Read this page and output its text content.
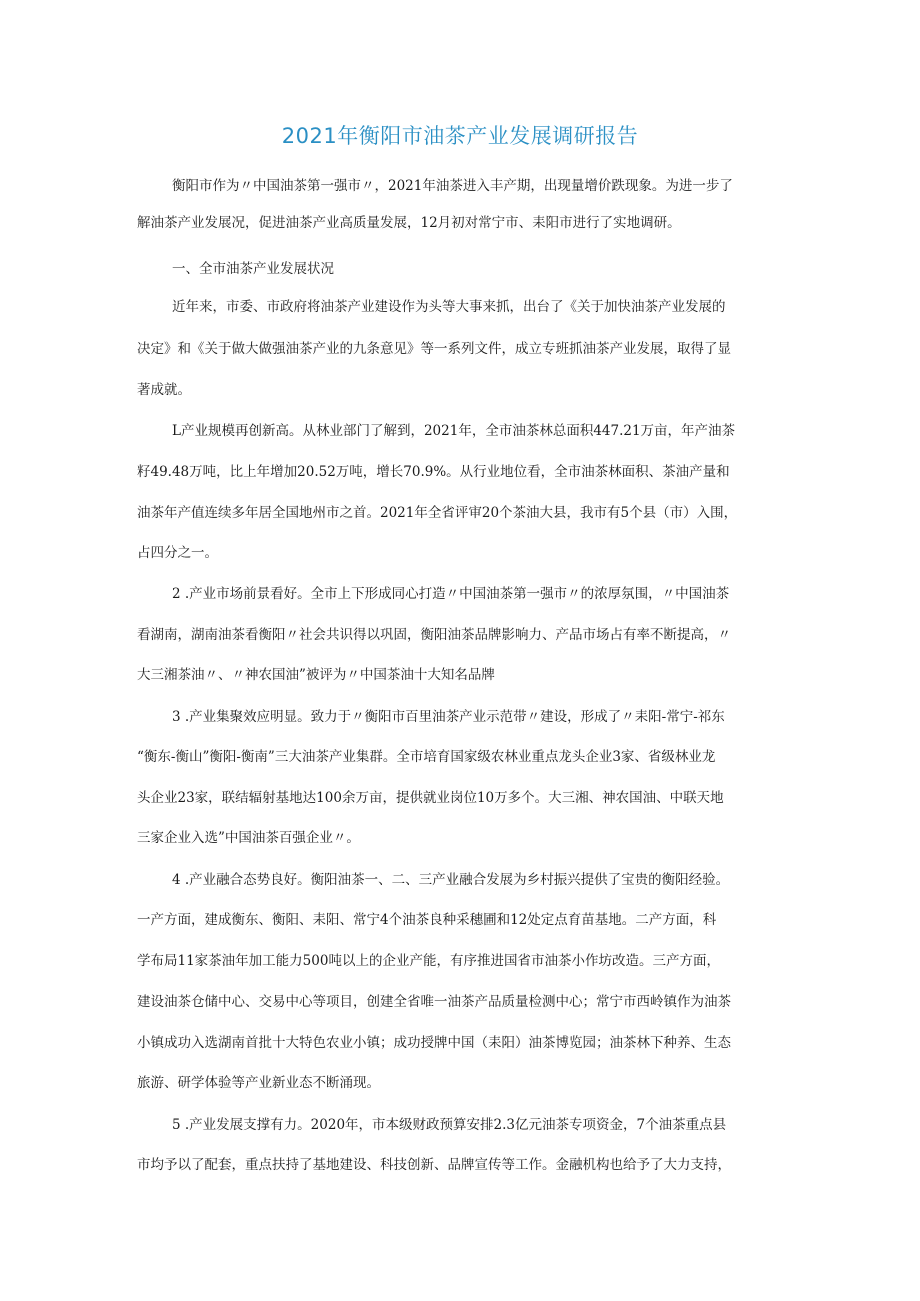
2021年衡阳市油茶产业发展调研报告
衡阳市作为〃中国油茶第一强市〃，2021年油茶进入丰产期，出现量增价跌现象。为进一步了
解油茶产业发展况，促进油茶产业高质量发展，12月初对常宁市、耒阳市进行了实地调研。
一、全市油茶产业发展状况
近年来，市委、市政府将油茶产业建设作为头等大事来抓，出台了《关于加快油茶产业发展的
决定》和《关于做大做强油茶产业的九条意见》等一系列文件，成立专班抓油茶产业发展，取得了显
著成就。
L产业规模再创新高。从林业部门了解到，2021年，全市油茶林总面积447.21万亩，年产油茶
籽49.48万吨，比上年增加20.52万吨，增长70.9%。从行业地位看，全市油茶林面积、茶油产量和
油茶年产值连续多年居全国地州市之首。2021年全省评审20个茶油大县，我市有5个县（市）入围，
占四分之一。
2 .产业市场前景看好。全市上下形成同心打造〃中国油茶第一强市〃的浓厚氛围，〃中国油茶
看湖南，湖南油茶看衡阳〃社会共识得以巩固，衡阳油茶品牌影响力、产品市场占有率不断提高，〃
大三湘茶油〃、〃神农国油”被评为〃中国茶油十大知名品牌
3 .产业集聚效应明显。致力于〃衡阳市百里油茶产业示范带〃建设，形成了〃耒阳-常宁-祁东
“衡东-衡山”衡阳-衡南”三大油茶产业集群。全市培育国家级农林业重点龙头企业3家、省级林业龙
头企业23家，联结辐射基地达100余万亩，提供就业岗位10万多个。大三湘、神农国油、中联天地
三家企业入选”中国油茶百强企业〃。
4 .产业融合态势良好。衡阳油茶一、二、三产业融合发展为乡村振兴提供了宝贵的衡阳经验。
一产方面，建成衡东、衡阳、耒阳、常宁4个油茶良种采穗圃和12处定点育苗基地。二产方面，科
学布局11家茶油年加工能力500吨以上的企业产能，有序推进国省市油茶小作坊改造。三产方面，
建设油茶仓储中心、交易中心等项目，创建全省唯一油茶产品质量检测中心；常宁市西岭镇作为油茶
小镇成功入选湖南首批十大特色农业小镇；成功授牌中国（耒阳）油茶博览园；油茶林下种养、生态
旅游、研学体验等产业新业态不断涌现。
5 .产业发展支撑有力。2020年，市本级财政预算安排2.3亿元油茶专项资金，7个油茶重点县
市均予以了配套，重点扶持了基地建设、科技创新、品牌宣传等工作。金融机构也给予了大力支持，
